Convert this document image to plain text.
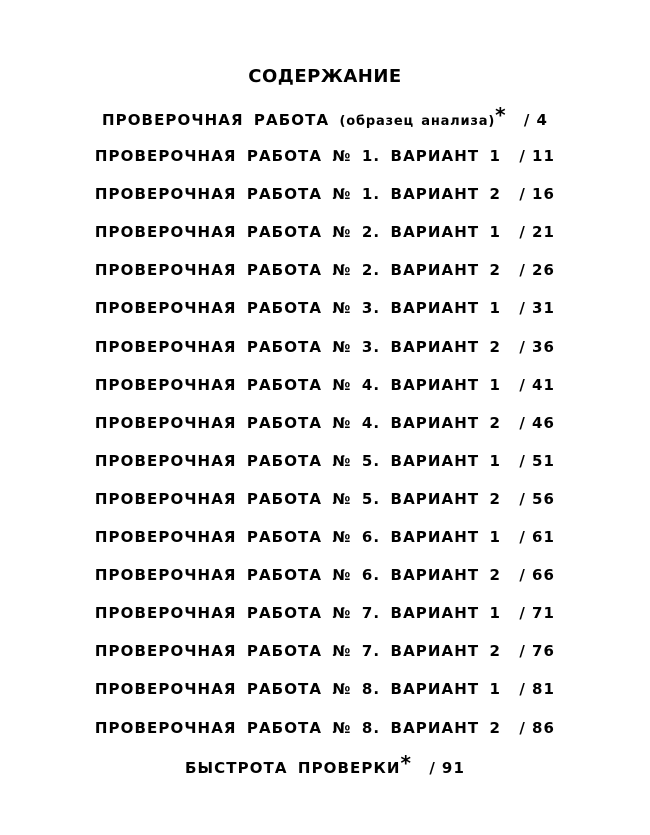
СОДЕРЖАНИЕ
ПРОВЕРОЧНАЯ РАБОТА (образец анализа)* / 4
ПРОВЕРОЧНАЯ РАБОТА № 1. ВАРИАНТ 1 / 11
ПРОВЕРОЧНАЯ РАБОТА № 1. ВАРИАНТ 2 / 16
ПРОВЕРОЧНАЯ РАБОТА № 2. ВАРИАНТ 1 / 21
ПРОВЕРОЧНАЯ РАБОТА № 2. ВАРИАНТ 2 / 26
ПРОВЕРОЧНАЯ РАБОТА № 3. ВАРИАНТ 1 / 31
ПРОВЕРОЧНАЯ РАБОТА № 3. ВАРИАНТ 2 / 36
ПРОВЕРОЧНАЯ РАБОТА № 4. ВАРИАНТ 1 / 41
ПРОВЕРОЧНАЯ РАБОТА № 4. ВАРИАНТ 2 / 46
ПРОВЕРОЧНАЯ РАБОТА № 5. ВАРИАНТ 1 / 51
ПРОВЕРОЧНАЯ РАБОТА № 5. ВАРИАНТ 2 / 56
ПРОВЕРОЧНАЯ РАБОТА № 6. ВАРИАНТ 1 / 61
ПРОВЕРОЧНАЯ РАБОТА № 6. ВАРИАНТ 2 / 66
ПРОВЕРОЧНАЯ РАБОТА № 7. ВАРИАНТ 1 / 71
ПРОВЕРОЧНАЯ РАБОТА № 7. ВАРИАНТ 2 / 76
ПРОВЕРОЧНАЯ РАБОТА № 8. ВАРИАНТ 1 / 81
ПРОВЕРОЧНАЯ РАБОТА № 8. ВАРИАНТ 2 / 86
БЫСТРОТА ПРОВЕРКИ* / 91
